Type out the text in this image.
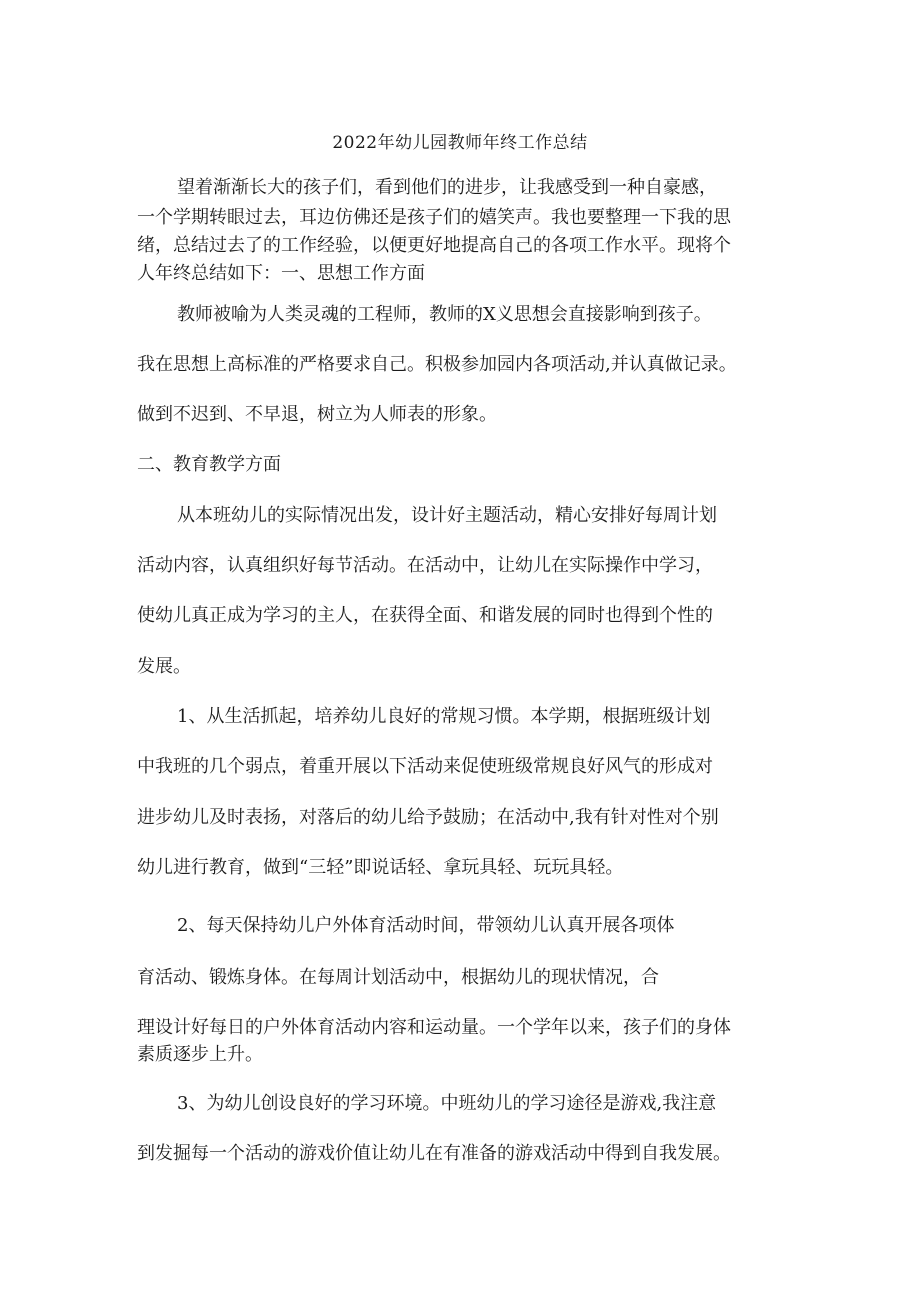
2022年幼儿园教师年终工作总结
望着渐渐长大的孩子们，看到他们的进步，让我感受到一种自豪感，
一个学期转眼过去，耳边仿佛还是孩子们的嬉笑声。我也要整理一下我的思
绪，总结过去了的工作经验，以便更好地提高自己的各项工作水平。现将个
人年终总结如下：一、思想工作方面
教师被喻为人类灵魂的工程师，教师的X义思想会直接影响到孩子。
我在思想上高标准的严格要求自己。积极参加园内各项活动,并认真做记录。
做到不迟到、不早退，树立为人师表的形象。
二、教育教学方面
从本班幼儿的实际情况出发，设计好主题活动，精心安排好每周计划
活动内容，认真组织好每节活动。在活动中，让幼儿在实际操作中学习，
使幼儿真正成为学习的主人，在获得全面、和谐发展的同时也得到个性的
发展。
1、从生活抓起，培养幼儿良好的常规习惯。本学期，根据班级计划
中我班的几个弱点，着重开展以下活动来促使班级常规良好风气的形成对
进步幼儿及时表扬，对落后的幼儿给予鼓励；在活动中,我有针对性对个别
幼儿进行教育，做到“三轻”即说话轻、拿玩具轻、玩玩具轻。
2、每天保持幼儿户外体育活动时间，带领幼儿认真开展各项体
育活动、锻炼身体。在每周计划活动中，根据幼儿的现状情况，合
理设计好每日的户外体育活动内容和运动量。一个学年以来，孩子们的身体
素质逐步上升。
3、为幼儿创设良好的学习环境。中班幼儿的学习途径是游戏,我注意
到发掘每一个活动的游戏价值让幼儿在有准备的游戏活动中得到自我发展。
